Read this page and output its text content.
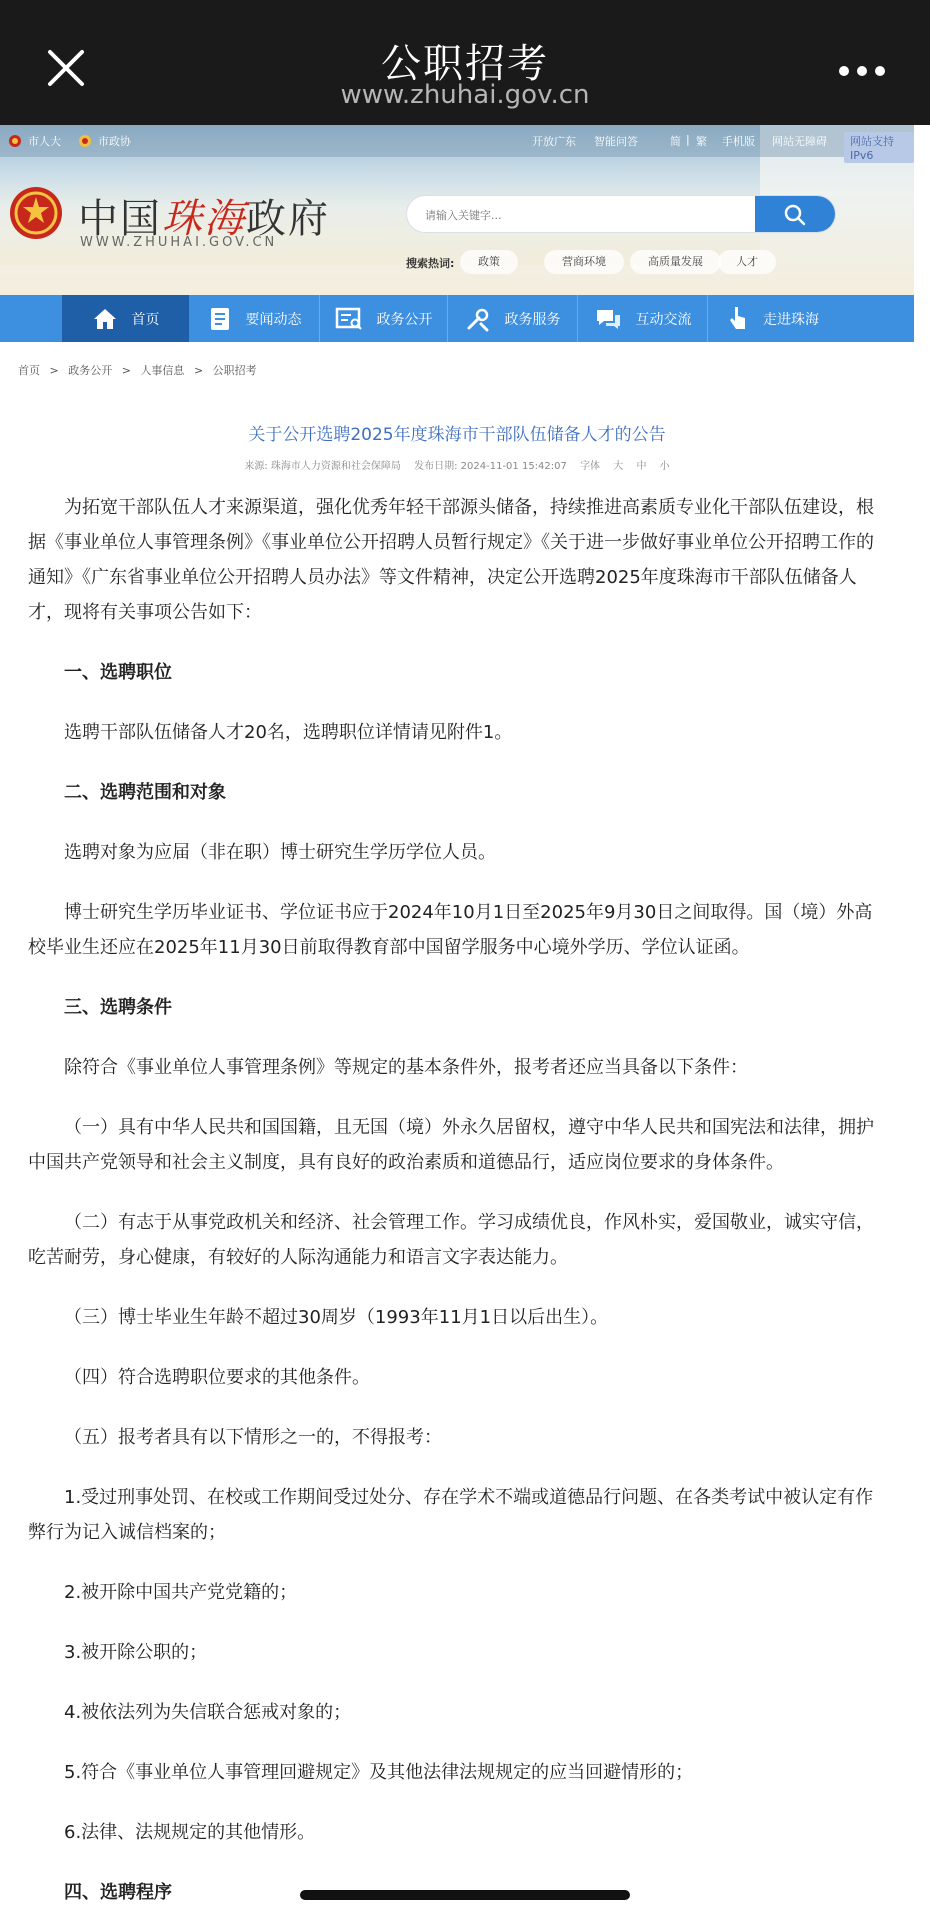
公职招考
www.zhuhai.gov.cn
市人大	市政协	开放广东 智能问答	简 | 繁 手机版 网站无障碍	网站支持IPv6
中国珠海政府
WWW.ZHUHAI.GOV.CN
请输入关键字...
搜索热词:	政策	营商环境	高质量发展	人才
首页	要闻动态	政务公开	政务服务	互动交流	走进珠海
首页 > 政务公开 > 人事信息 > 公职招考
关于公开选聘2025年度珠海市干部队伍储备人才的公告
来源: 珠海市人力资源和社会保障局 发布日期: 2024-11-01 15:42:07 字体 大 中 小

为拓宽干部队伍人才来源渠道，强化优秀年轻干部源头储备，持续推进高素质专业化干部队伍建设，根据《事业单位人事管理条例》《事业单位公开招聘人员暂行规定》《关于进一步做好事业单位公开招聘工作的通知》《广东省事业单位公开招聘人员办法》等文件精神，决定公开选聘2025年度珠海市干部队伍储备人才，现将有关事项公告如下：

一、选聘职位

选聘干部队伍储备人才20名，选聘职位详情请见附件1。

二、选聘范围和对象

选聘对象为应届（非在职）博士研究生学历学位人员。

博士研究生学历毕业证书、学位证书应于2024年10月1日至2025年9月30日之间取得。国（境）外高校毕业生还应在2025年11月30日前取得教育部中国留学服务中心境外学历、学位认证函。

三、选聘条件

除符合《事业单位人事管理条例》等规定的基本条件外，报考者还应当具备以下条件：

（一）具有中华人民共和国国籍，且无国（境）外永久居留权，遵守中华人民共和国宪法和法律，拥护中国共产党领导和社会主义制度，具有良好的政治素质和道德品行，适应岗位要求的身体条件。

（二）有志于从事党政机关和经济、社会管理工作。学习成绩优良，作风朴实，爱国敬业，诚实守信，吃苦耐劳，身心健康，有较好的人际沟通能力和语言文字表达能力。

（三）博士毕业生年龄不超过30周岁（1993年11月1日以后出生）。

（四）符合选聘职位要求的其他条件。

（五）报考者具有以下情形之一的，不得报考：

1.受过刑事处罚、在校或工作期间受过处分、存在学术不端或道德品行问题、在各类考试中被认定有作弊行为记入诚信档案的；

2.被开除中国共产党党籍的；

3.被开除公职的；

4.被依法列为失信联合惩戒对象的；

5.符合《事业单位人事管理回避规定》及其他法律法规规定的应当回避情形的；

6.法律、法规规定的其他情形。

四、选聘程序
